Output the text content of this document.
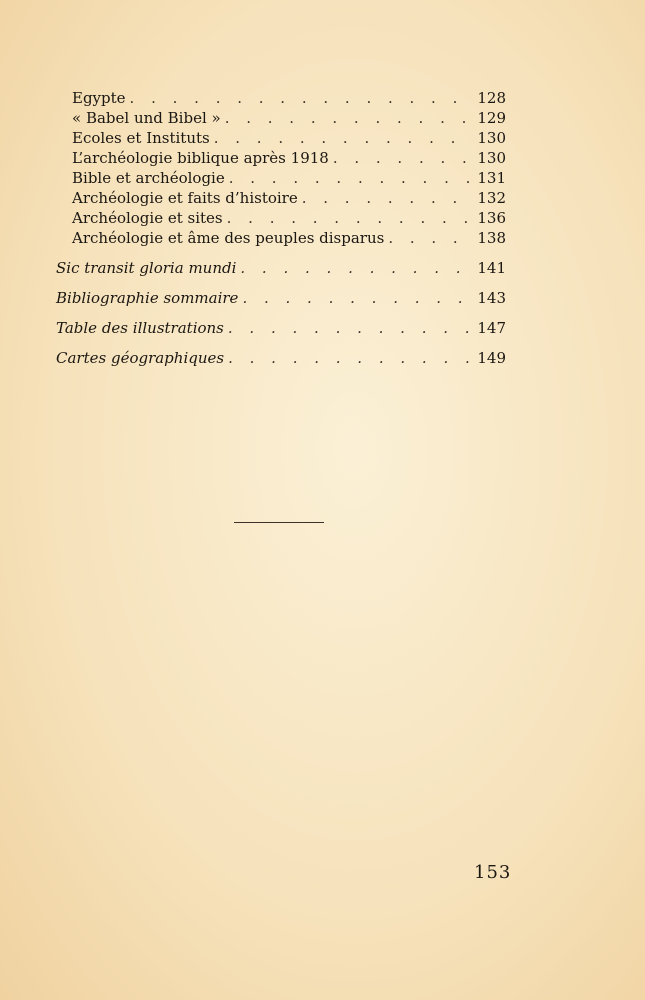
Egypte . . .	128
« Babel und Bibel » . . .	129
Ecoles et Instituts . . .	130
L’archéologie biblique après 1918 . . .	130
Bible et archéologie . . .	131
Archéologie et faits d’histoire . . .	132
Archéologie et sites . . .	136
Archéologie et âme des peuples disparus . . .	138
Sic transit gloria mundi . . .	141
Bibliographie sommaire . . .	143
Table des illustrations . . .	147
Cartes géographiques . . .	149
153
